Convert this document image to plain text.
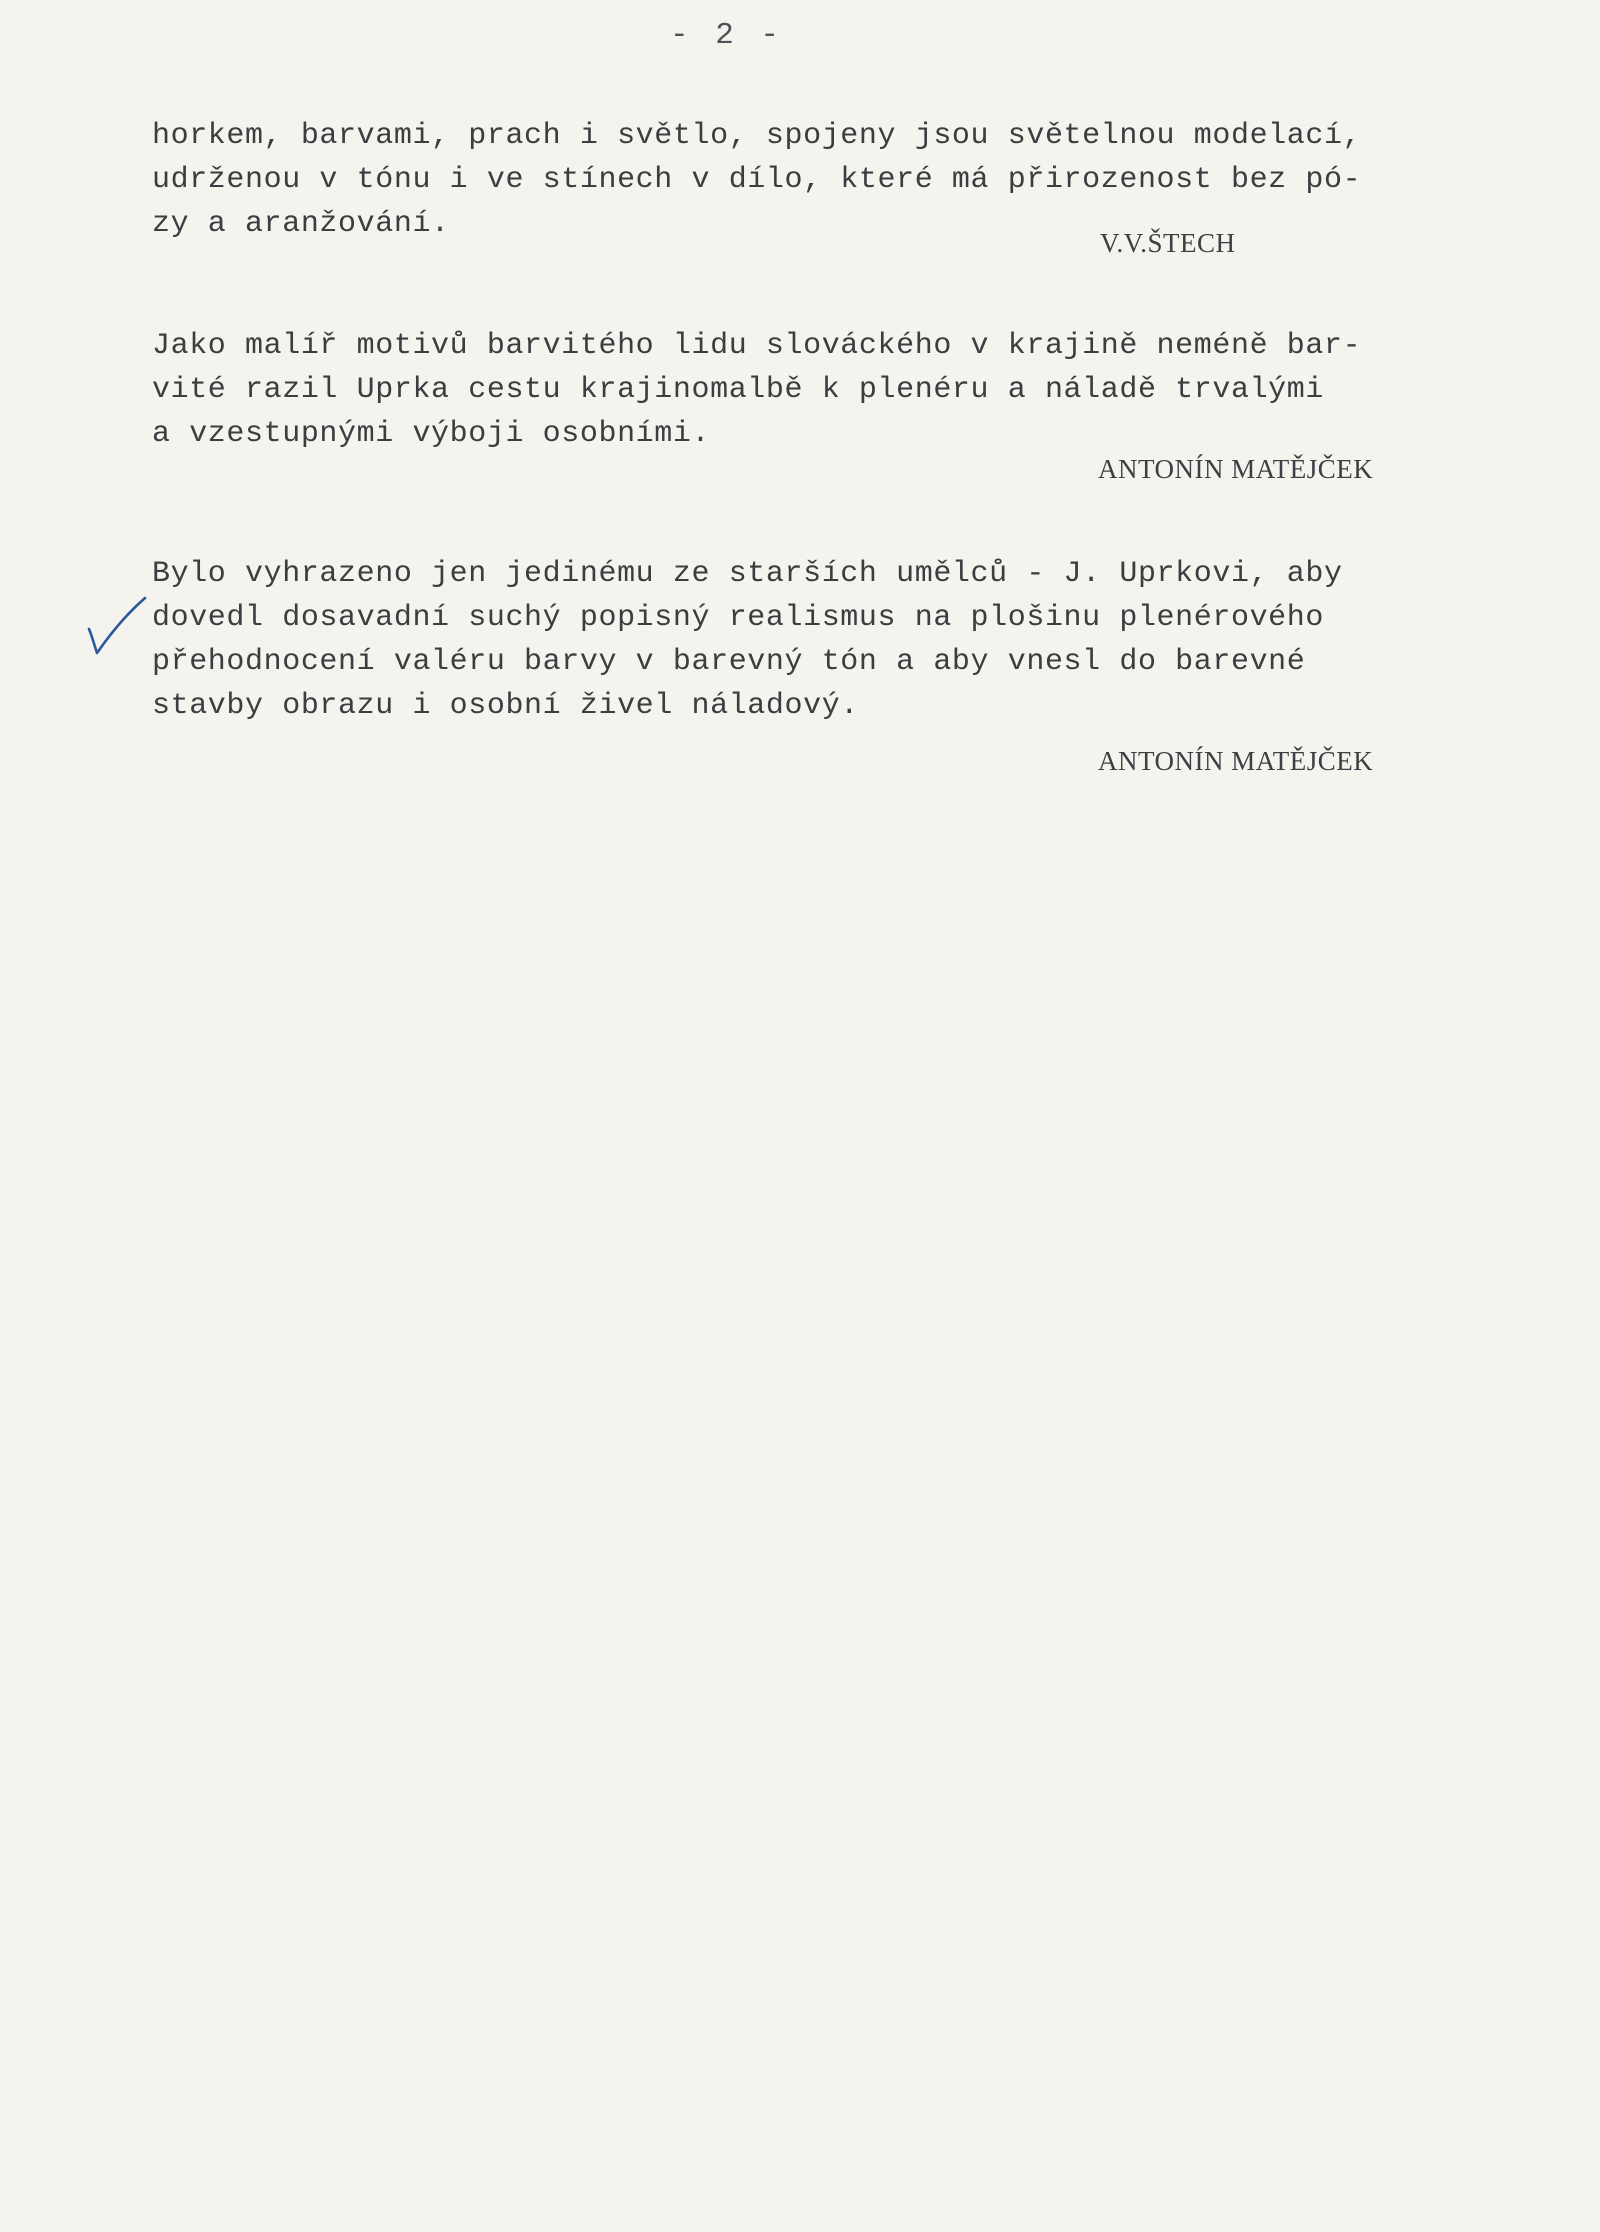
- 2 -
horkem, barvami, prach i světlo, spojeny jsou světelnou modelací,
udrženou v tónu i ve stínech v dílo, které má přirozenost bez pó-
zy a aranžování.
V.V.ŠTECH
Jako malíř motivů barvitého lidu slováckého v krajině neméně bar-
vité razil Uprka cestu krajinomalbě k plenéru a náladě trvalými
a vzestupnými výboji osobními.
ANTONÍN MATĚJČEK
Bylo vyhrazeno jen jedinému ze starších umělců - J. Uprkovi, aby
dovedl dosavadní suchý popisný realismus na plošinu plenérového
přehodnocení valéru barvy v barevný tón a aby vnesl do barevné
stavby obrazu i osobní živel náladový.
ANTONÍN MATĚJČEK
